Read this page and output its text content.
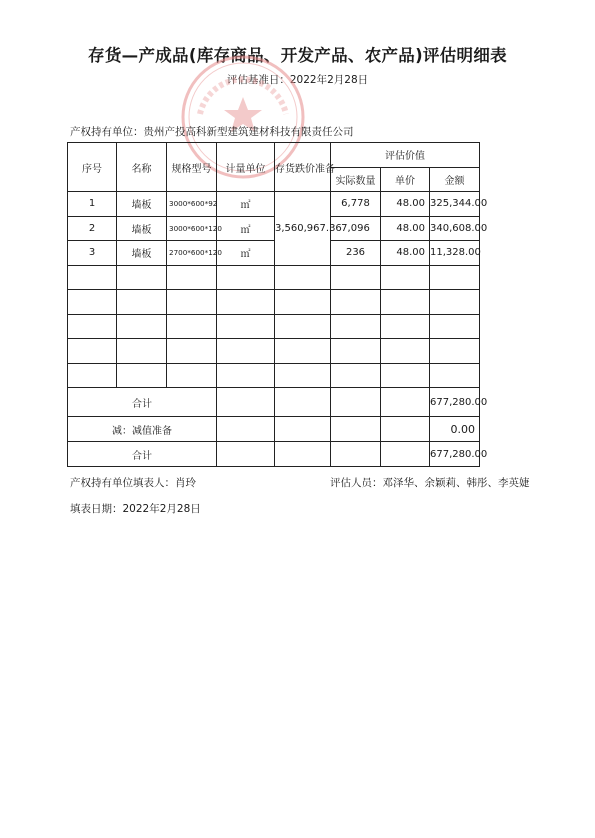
存货—产成品(库存商品、开发产品、农产品)评估明细表
评估基准日：2022年2月28日
产权持有单位：贵州产投高科新型建筑建材科技有限责任公司
序号	名称	规格型号	计量单位	存货跌价准备	评估价值		
					实际数量	单价	金额
1	墙板	3000*600*92	㎡	3,560,967.36	6,778	48.00	325,344.00
2	墙板	3000*600*120	㎡		7,096	48.00	340,608.00
3	墙板	2700*600*120	㎡		236	48.00	11,328.00

合计							677,280.00
减：减值准备							0.00
合计							677,280.00
产权持有单位填表人：肖玲	评估人员：邓泽华、余颖莉、韩彤、李英婕
填表日期：2022年2月28日
